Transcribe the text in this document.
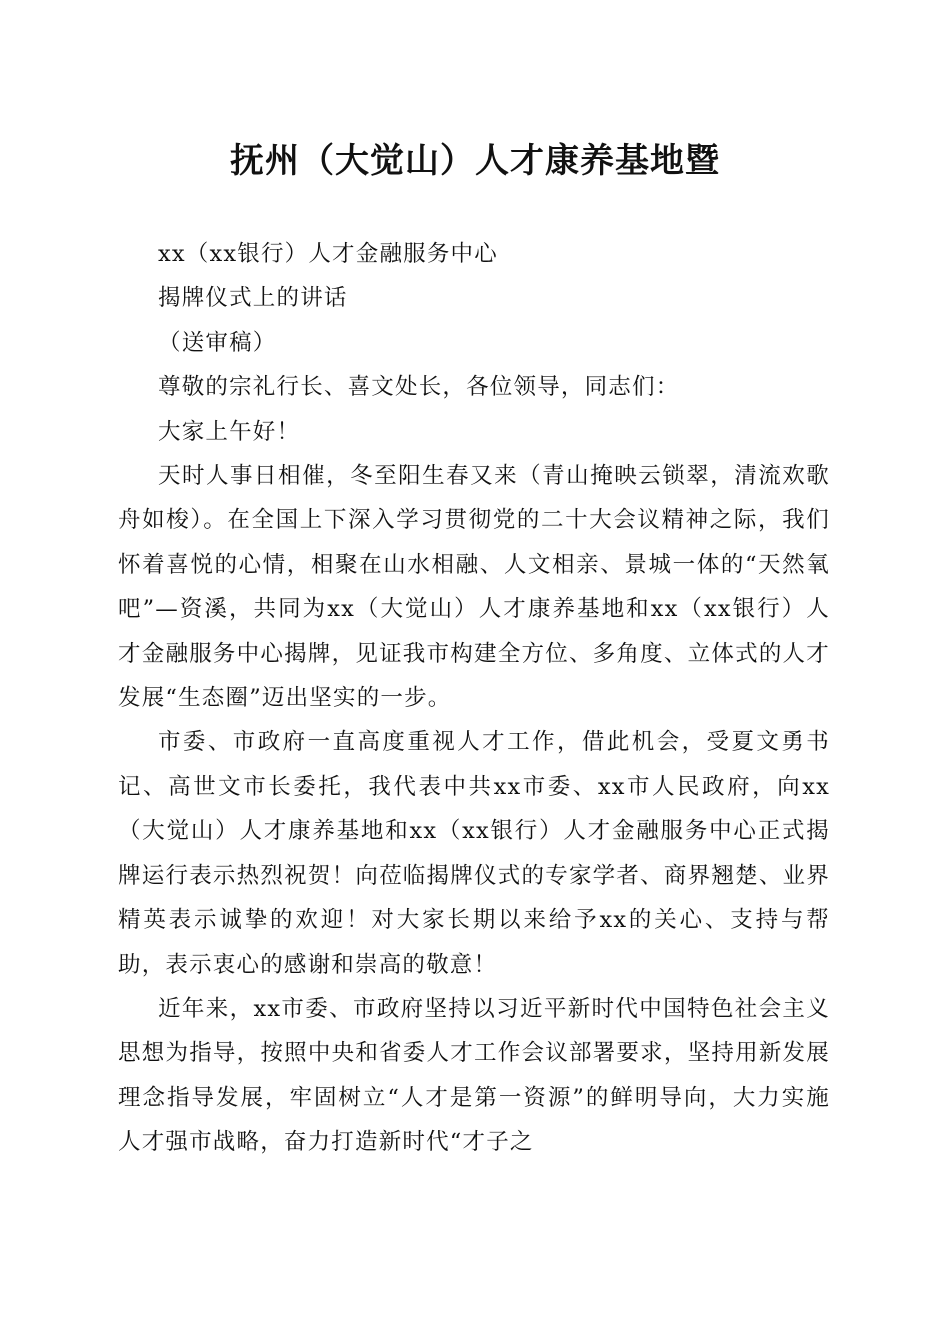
抚州（大觉山）人才康养基地暨

xx（xx银行）人才金融服务中心

揭牌仪式上的讲话

（送审稿）

尊敬的宗礼行长、喜文处长，各位领导，同志们：

大家上午好！

天时人事日相催，冬至阳生春又来（青山掩映云锁翠，清流欢歌舟如梭）。在全国上下深入学习贯彻党的二十大会议精神之际，我们怀着喜悦的心情，相聚在山水相融、人文相亲、景城一体的“天然氧吧”—资溪，共同为xx（大觉山）人才康养基地和xx（xx银行）人才金融服务中心揭牌，见证我市构建全方位、多角度、立体式的人才发展“生态圈”迈出坚实的一步。

市委、市政府一直高度重视人才工作，借此机会，受夏文勇书记、高世文市长委托，我代表中共xx市委、xx市人民政府，向xx（大觉山）人才康养基地和xx（xx银行）人才金融服务中心正式揭牌运行表示热烈祝贺！向莅临揭牌仪式的专家学者、商界翘楚、业界精英表示诚挚的欢迎！对大家长期以来给予xx的关心、支持与帮助，表示衷心的感谢和崇高的敬意！

近年来，xx市委、市政府坚持以习近平新时代中国特色社会主义思想为指导，按照中央和省委人才工作会议部署要求，坚持用新发展理念指导发展，牢固树立“人才是第一资源”的鲜明导向，大力实施人才强市战略，奋力打造新时代“才子之
